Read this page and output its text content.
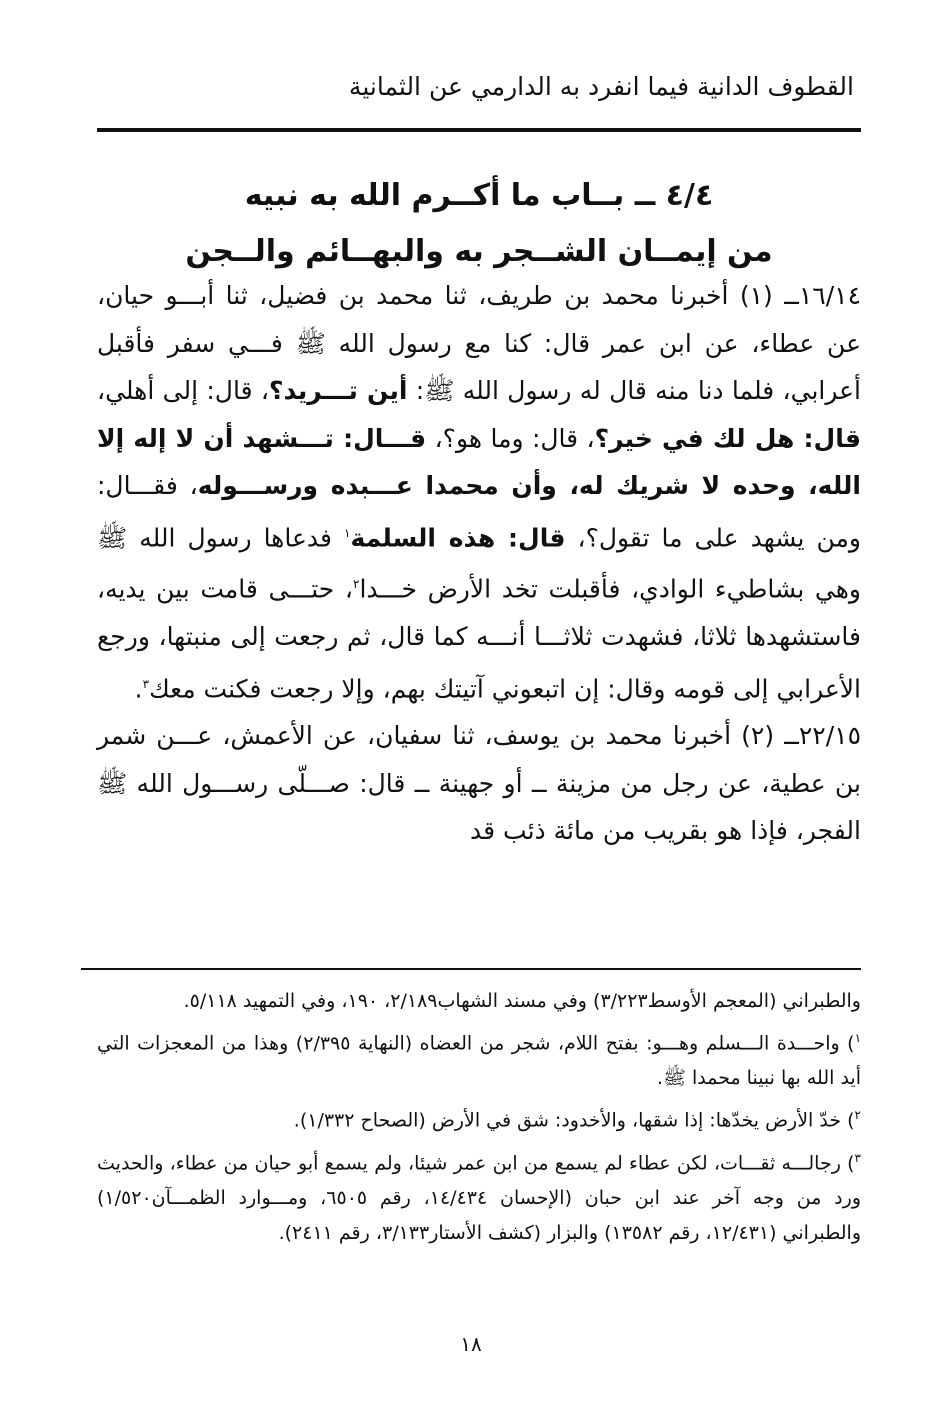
القطوف الدانية فيما انفرد به الدارمي عن الثمانية
٤/٤ ــ بــاب ما أكــرم الله به نبيه
من إيمــان الشــجر به والبهــائم والــجن

١٦/١٤ــ (١) أخبرنا محمد بن طريف، ثنا محمد بن فضيل، ثنا أبـــو حيان، عن عطاء، عن ابن عمر قال: كنا مع رسول الله ﷺ فـــي سفر فأقبل أعرابي، فلما دنا منه قال له رسول الله ﷺ: أين تـــريد؟، قال: إلى أهلي، قال: هل لك في خير؟، قال: وما هو؟، قـــال: تـــشهد أن لا إله إلا الله، وحده لا شريك له، وأن محمدا عـــبده ورســـوله، فقـــال: ومن يشهد على ما تقول؟، قال: هذه السلمة$^١$ فدعاها رسول الله ﷺ وهي بشاطيء الوادي، فأقبلت تخد الأرض خـــدا$^٢$، حتـــى قامت بين يديه، فاستشهدها ثلاثا، فشهدت ثلاثـــا أنـــه كما قال، ثم رجعت إلى منبتها، ورجع الأعرابي إلى قومه وقال: إن اتبعوني آتيتك بهم، وإلا رجعت فكنت معك$^٣$.

٢٢/١٥ــ (٢) أخبرنا محمد بن يوسف، ثنا سفيان، عن الأعمش، عـــن شمر بن عطية، عن رجل من مزينة ــ أو جهينة ــ قال: صـــلّى رســـول الله ﷺ الفجر، فإذا هو بقريب من مائة ذئب قد

والطبراني (المعجم الأوسط٣/٢٢٣) وفي مسند الشهاب٢/١٨٩، ١٩٠، وفي التمهيد ٥/١١٨.

$^١$) واحـــدة الـــسلم وهـــو: بفتح اللام، شجر من العضاه (النهاية ٢/٣٩٥) وهذا من المعجزات التي أيد الله بها نبينا محمدا ﷺ.

$^٢$) خدّ الأرض يخدّها: إذا شقها، والأخدود: شق في الأرض (الصحاح ١/٣٣٢).

$^٣$) رجالـــه ثقـــات، لكن عطاء لم يسمع من ابن عمر شيئا، ولم يسمع أبو حيان من عطاء، والحديث ورد من وجه آخر عند ابن حبان (الإحسان ١٤/٤٣٤، رقم ٦٥٠٥، ومـــوارد الظمـــآن١/٥٢٠) والطبراني (١٢/٤٣١، رقم ١٣٥٨٢) والبزار (كشف الأستار٣/١٣٣، رقم ٢٤١١).

١٨
